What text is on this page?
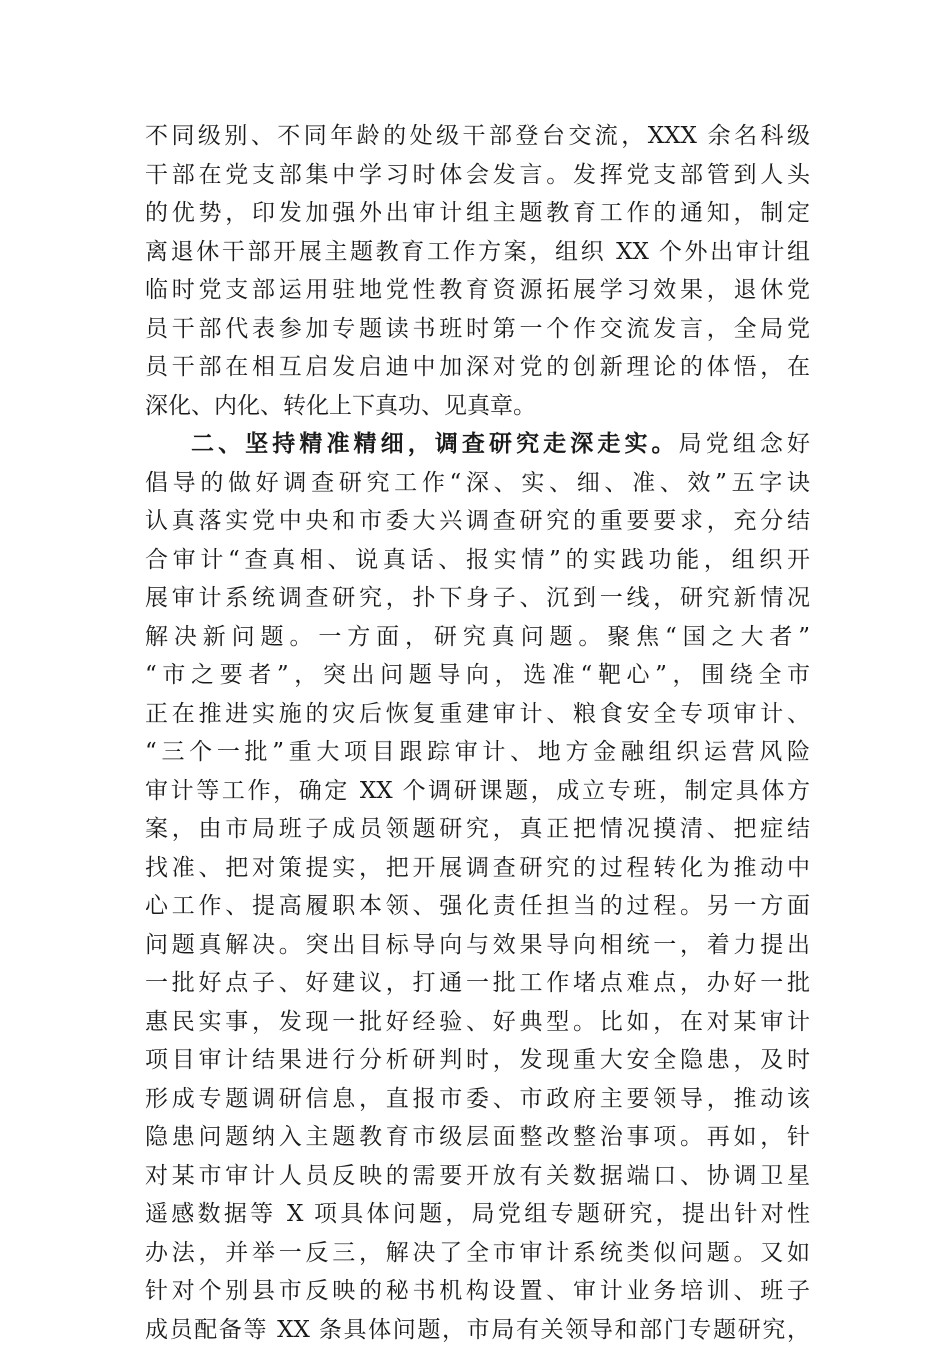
不同级别、不同年龄的处级干部登台交流，XXX 余名科级
干部在党支部集中学习时体会发言。发挥党支部管到人头
的优势，印发加强外出审计组主题教育工作的通知，制定
离退休干部开展主题教育工作方案，组织 XX 个外出审计组
临时党支部运用驻地党性教育资源拓展学习效果，退休党
员干部代表参加专题读书班时第一个作交流发言，全局党
员干部在相互启发启迪中加深对党的创新理论的体悟，在
深化、内化、转化上下真功、见真章。
二、坚持精准精细，调查研究走深走实。局党组念好
倡导的做好调查研究工作“深、实、细、准、效”五字诀
认真落实党中央和市委大兴调查研究的重要要求，充分结
合审计“查真相、说真话、报实情”的实践功能，组织开
展审计系统调查研究，扑下身子、沉到一线，研究新情况
解决新问题。一方面，研究真问题。聚焦“国之大者”
“市之要者”，突出问题导向，选准“靶心”，围绕全市
正在推进实施的灾后恢复重建审计、粮食安全专项审计、
“三个一批”重大项目跟踪审计、地方金融组织运营风险
审计等工作，确定 XX 个调研课题，成立专班，制定具体方
案，由市局班子成员领题研究，真正把情况摸清、把症结
找准、把对策提实，把开展调查研究的过程转化为推动中
心工作、提高履职本领、强化责任担当的过程。另一方面
问题真解决。突出目标导向与效果导向相统一，着力提出
一批好点子、好建议，打通一批工作堵点难点，办好一批
惠民实事，发现一批好经验、好典型。比如，在对某审计
项目审计结果进行分析研判时，发现重大安全隐患，及时
形成专题调研信息，直报市委、市政府主要领导，推动该
隐患问题纳入主题教育市级层面整改整治事项。再如，针
对某市审计人员反映的需要开放有关数据端口、协调卫星
遥感数据等 X 项具体问题，局党组专题研究，提出针对性
办法，并举一反三，解决了全市审计系统类似问题。又如
针对个别县市反映的秘书机构设置、审计业务培训、班子
成员配备等 XX 条具体问题，市局有关领导和部门专题研究，
